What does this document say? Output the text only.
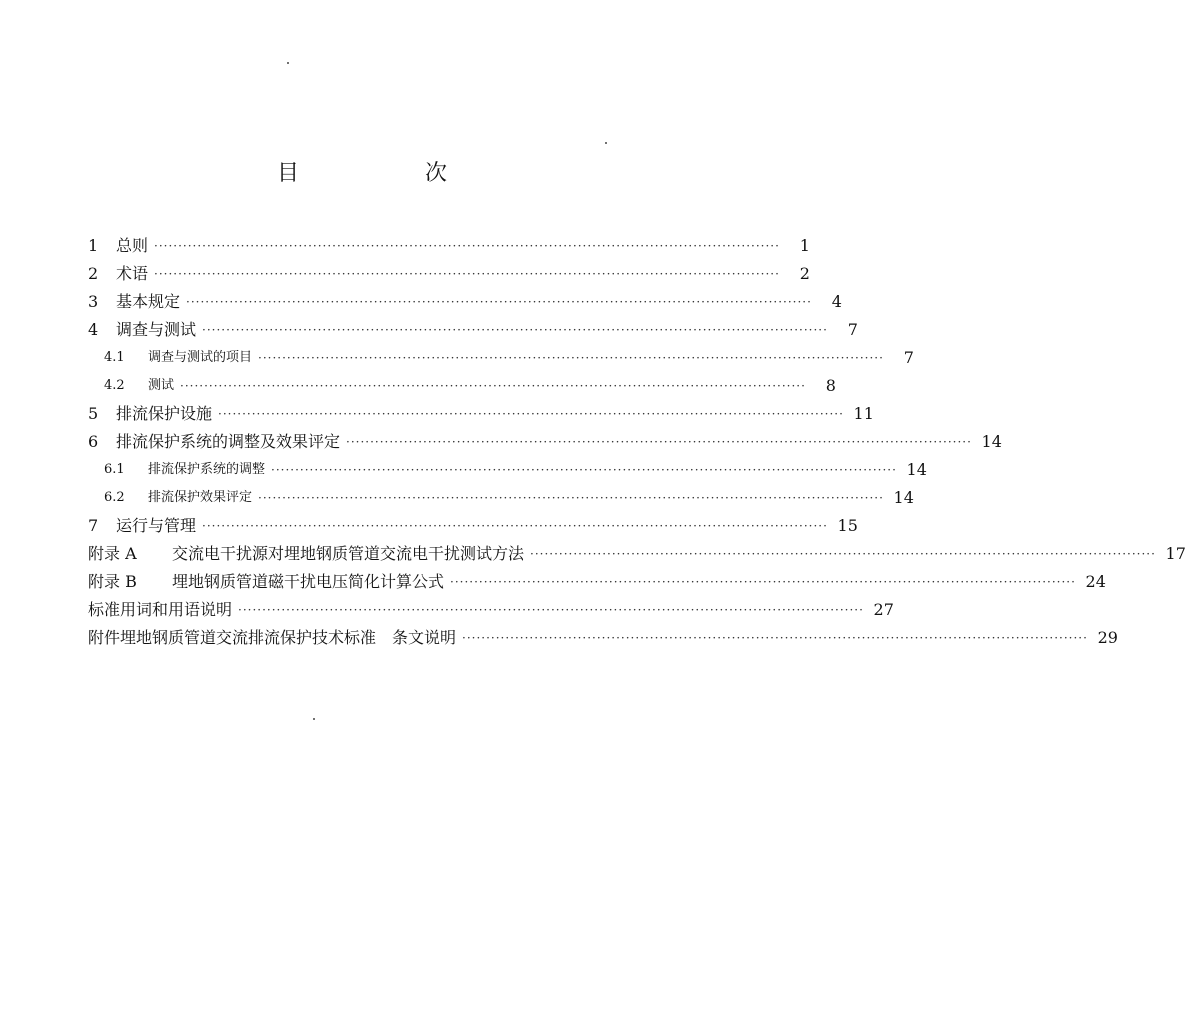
目　次
1 总则 ··································································································································	1
2 术语 ··································································································································	2
3 基本规定 ··································································································································	4
4 调查与测试 ··································································································································	7
4.1 调查与测试的项目 ··································································································································	7
4.2 测试 ··································································································································	8
5 排流保护设施 ·································································································································· 11
6 排流保护系统的调整及效果评定 ·································································································································· 14
6.1 排流保护系统的调整 ·································································································································· 14
6.2 排流保护效果评定 ·································································································································· 14
7 运行与管理 ·································································································································· 15
附录 A 交流电干扰源对埋地钢质管道交流电干扰测试方法 ·································································································································· 17
附录 B 埋地钢质管道磁干扰电压简化计算公式 ·································································································································· 24
标准用词和用语说明 ·································································································································· 27
附件埋地钢质管道交流排流保护技术标准　条文说明 ·································································································································· 29
